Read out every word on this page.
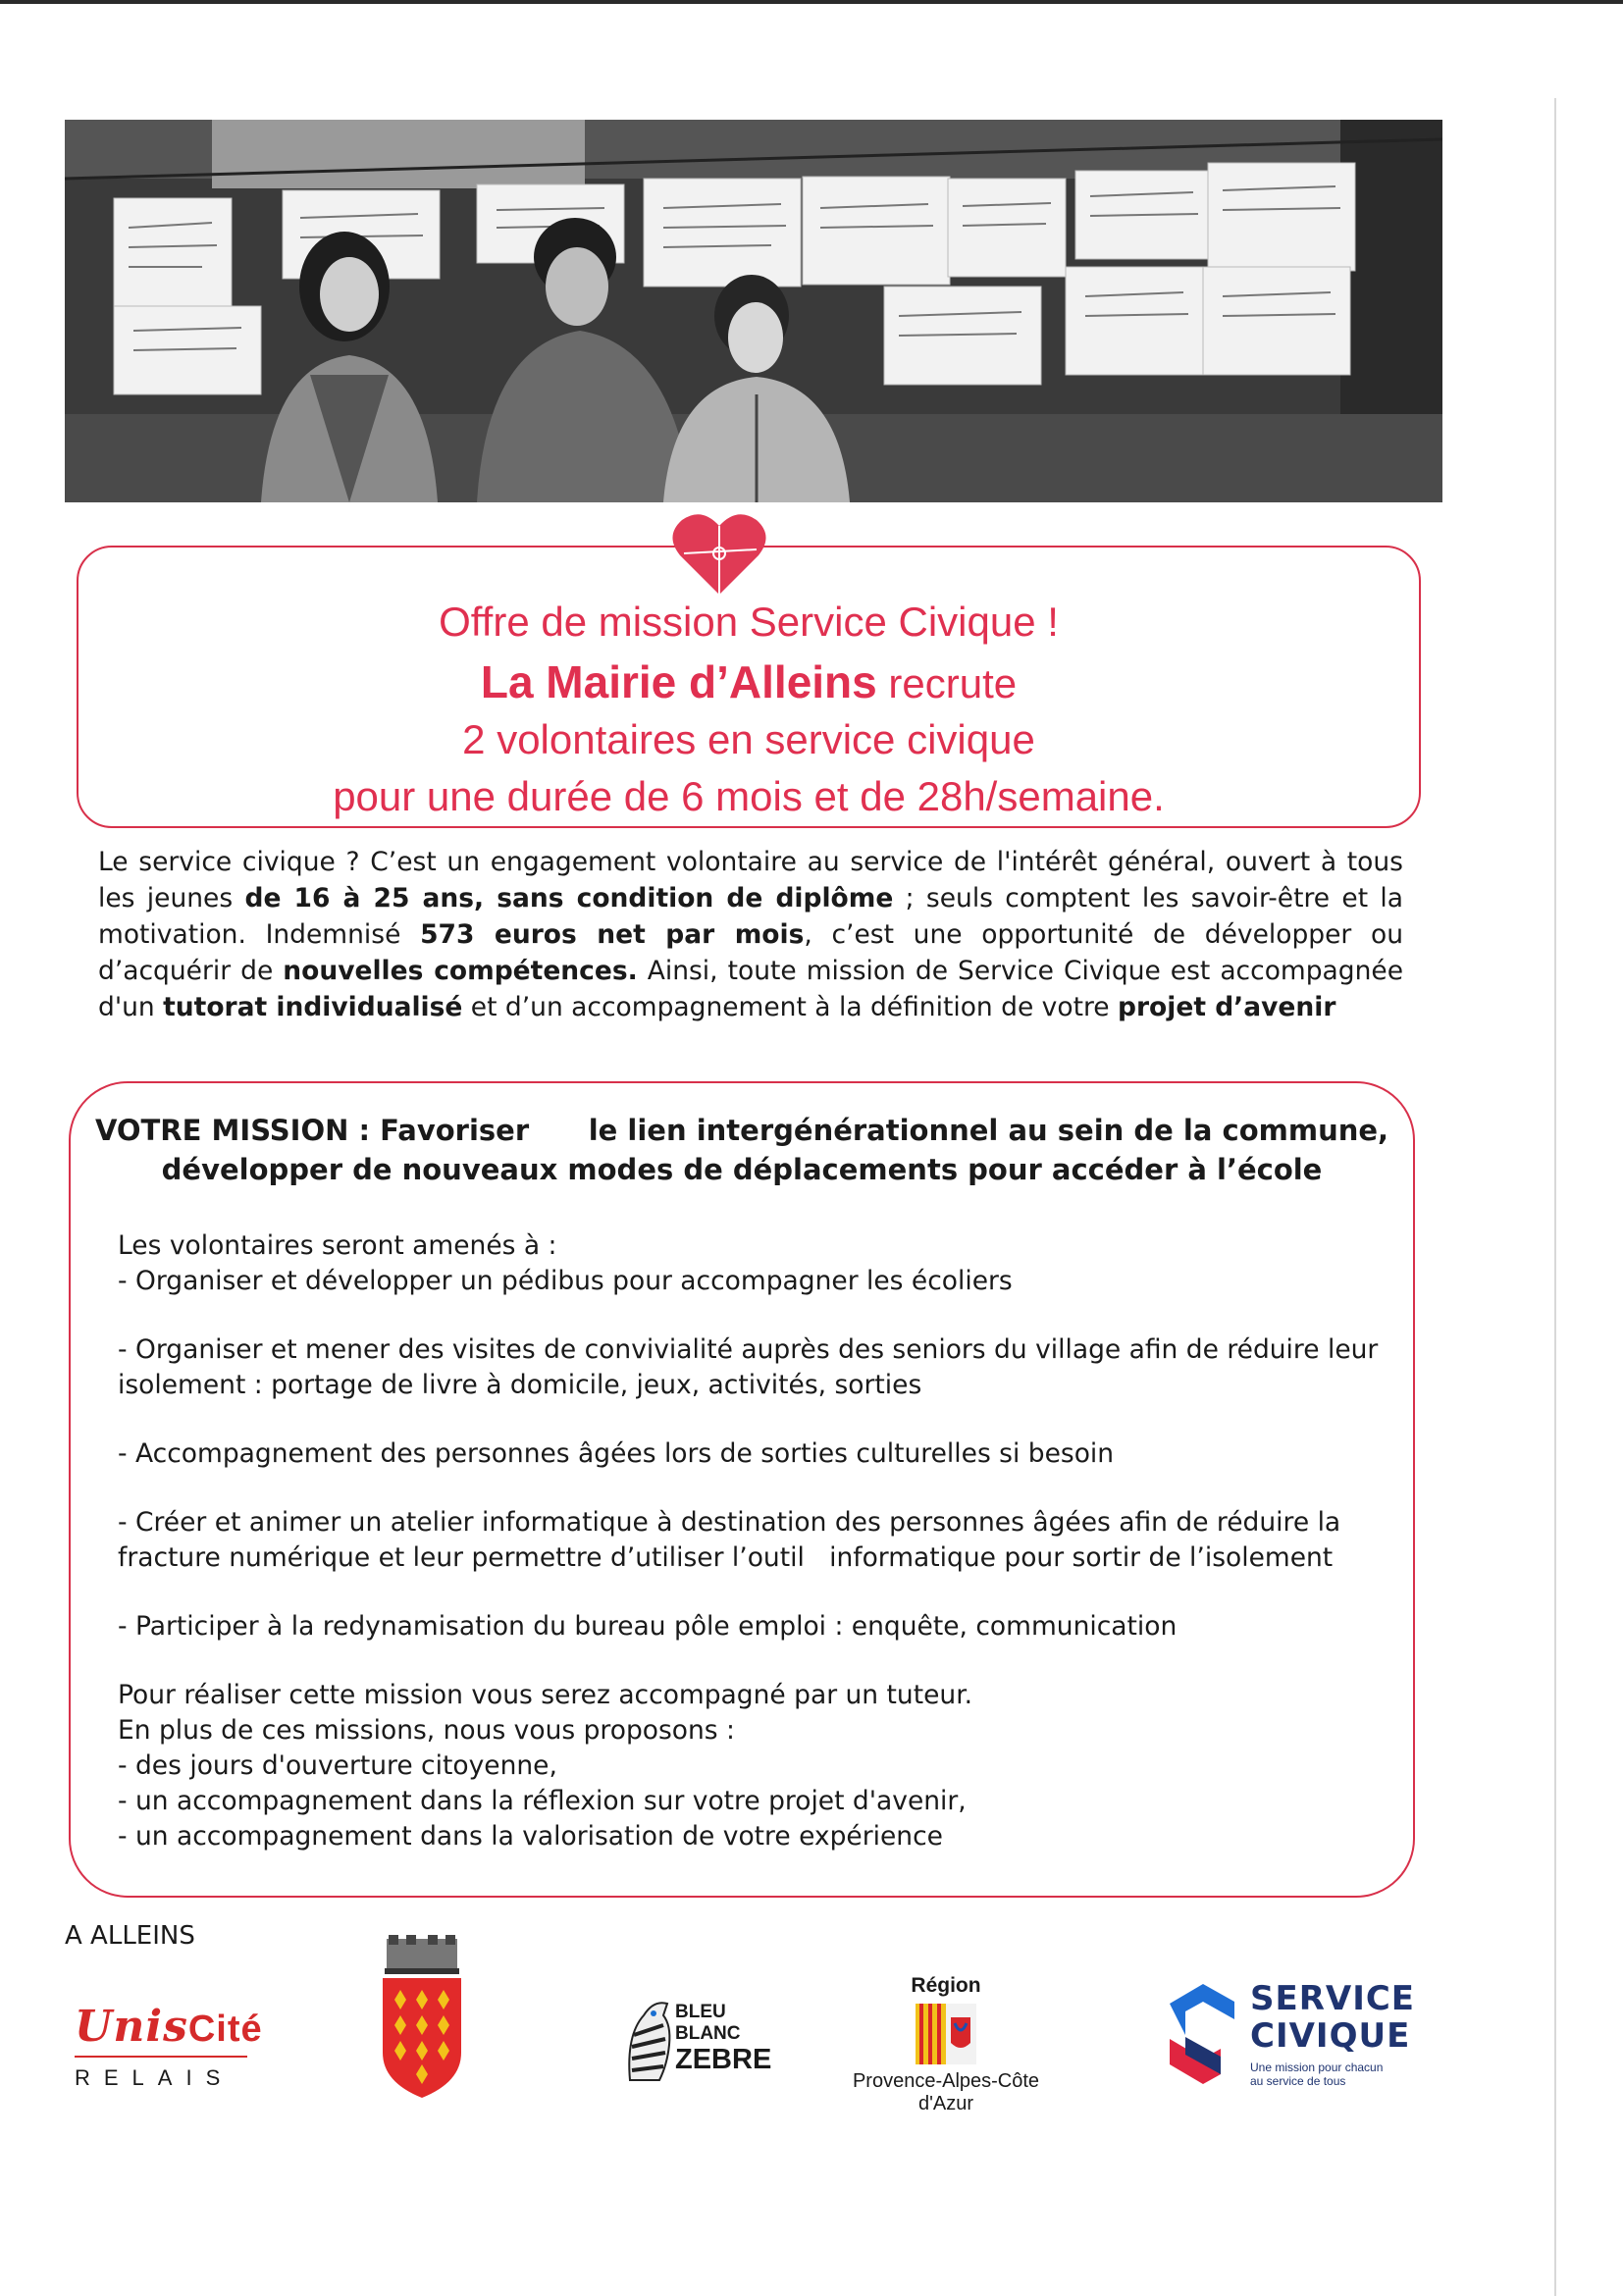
Offre de mission Service Civique !
La Mairie d’Alleins recrute
2 volontaires en service civique
pour une durée de 6 mois et de 28h/semaine.
Le service civique ? C’est un engagement volontaire au service de l'intérêt général, ouvert à tous les jeunes de 16 à 25 ans, sans condition de diplôme ; seuls comptent les savoir-être et la motivation. Indemnisé 573 euros net par mois, c’est une opportunité de développer ou d’acquérir de nouvelles compétences. Ainsi, toute mission de Service Civique est accompagnée d'un tutorat individualisé et d’un accompagnement à la définition de votre projet d’avenir
VOTRE MISSION : Favoriser      le lien intergénérationnel au sein de la commune,
développer de nouveaux modes de déplacements pour accéder à l’école

Les volontaires seront amenés à :

- Organiser et développer un pédibus pour accompagner les écoliers

- Organiser et mener des visites de convivialité auprès des seniors du village afin de réduire leur isolement : portage de livre à domicile, jeux, activités, sorties

- Accompagnement des personnes âgées lors de sorties culturelles si besoin

- Créer et animer un atelier informatique à destination des personnes âgées afin de réduire la fracture numérique et leur permettre d’utiliser l’outil   informatique pour sortir de l’isolement

- Participer à la redynamisation du bureau pôle emploi : enquête, communication

Pour réaliser cette mission vous serez accompagné par un tuteur.

En plus de ces missions, nous vous proposons :

- des jours d'ouverture citoyenne,

- un accompagnement dans la réflexion sur votre projet d'avenir,

- un accompagnement dans la valorisation de votre expérience

A ALLEINS
UnisCité
RELAIS
BLEU
BLANC
ZEBRE
Région
Provence-Alpes-Côte d'Azur
SERVICE
CIVIQUE
Une mission pour chacun
au service de tous
